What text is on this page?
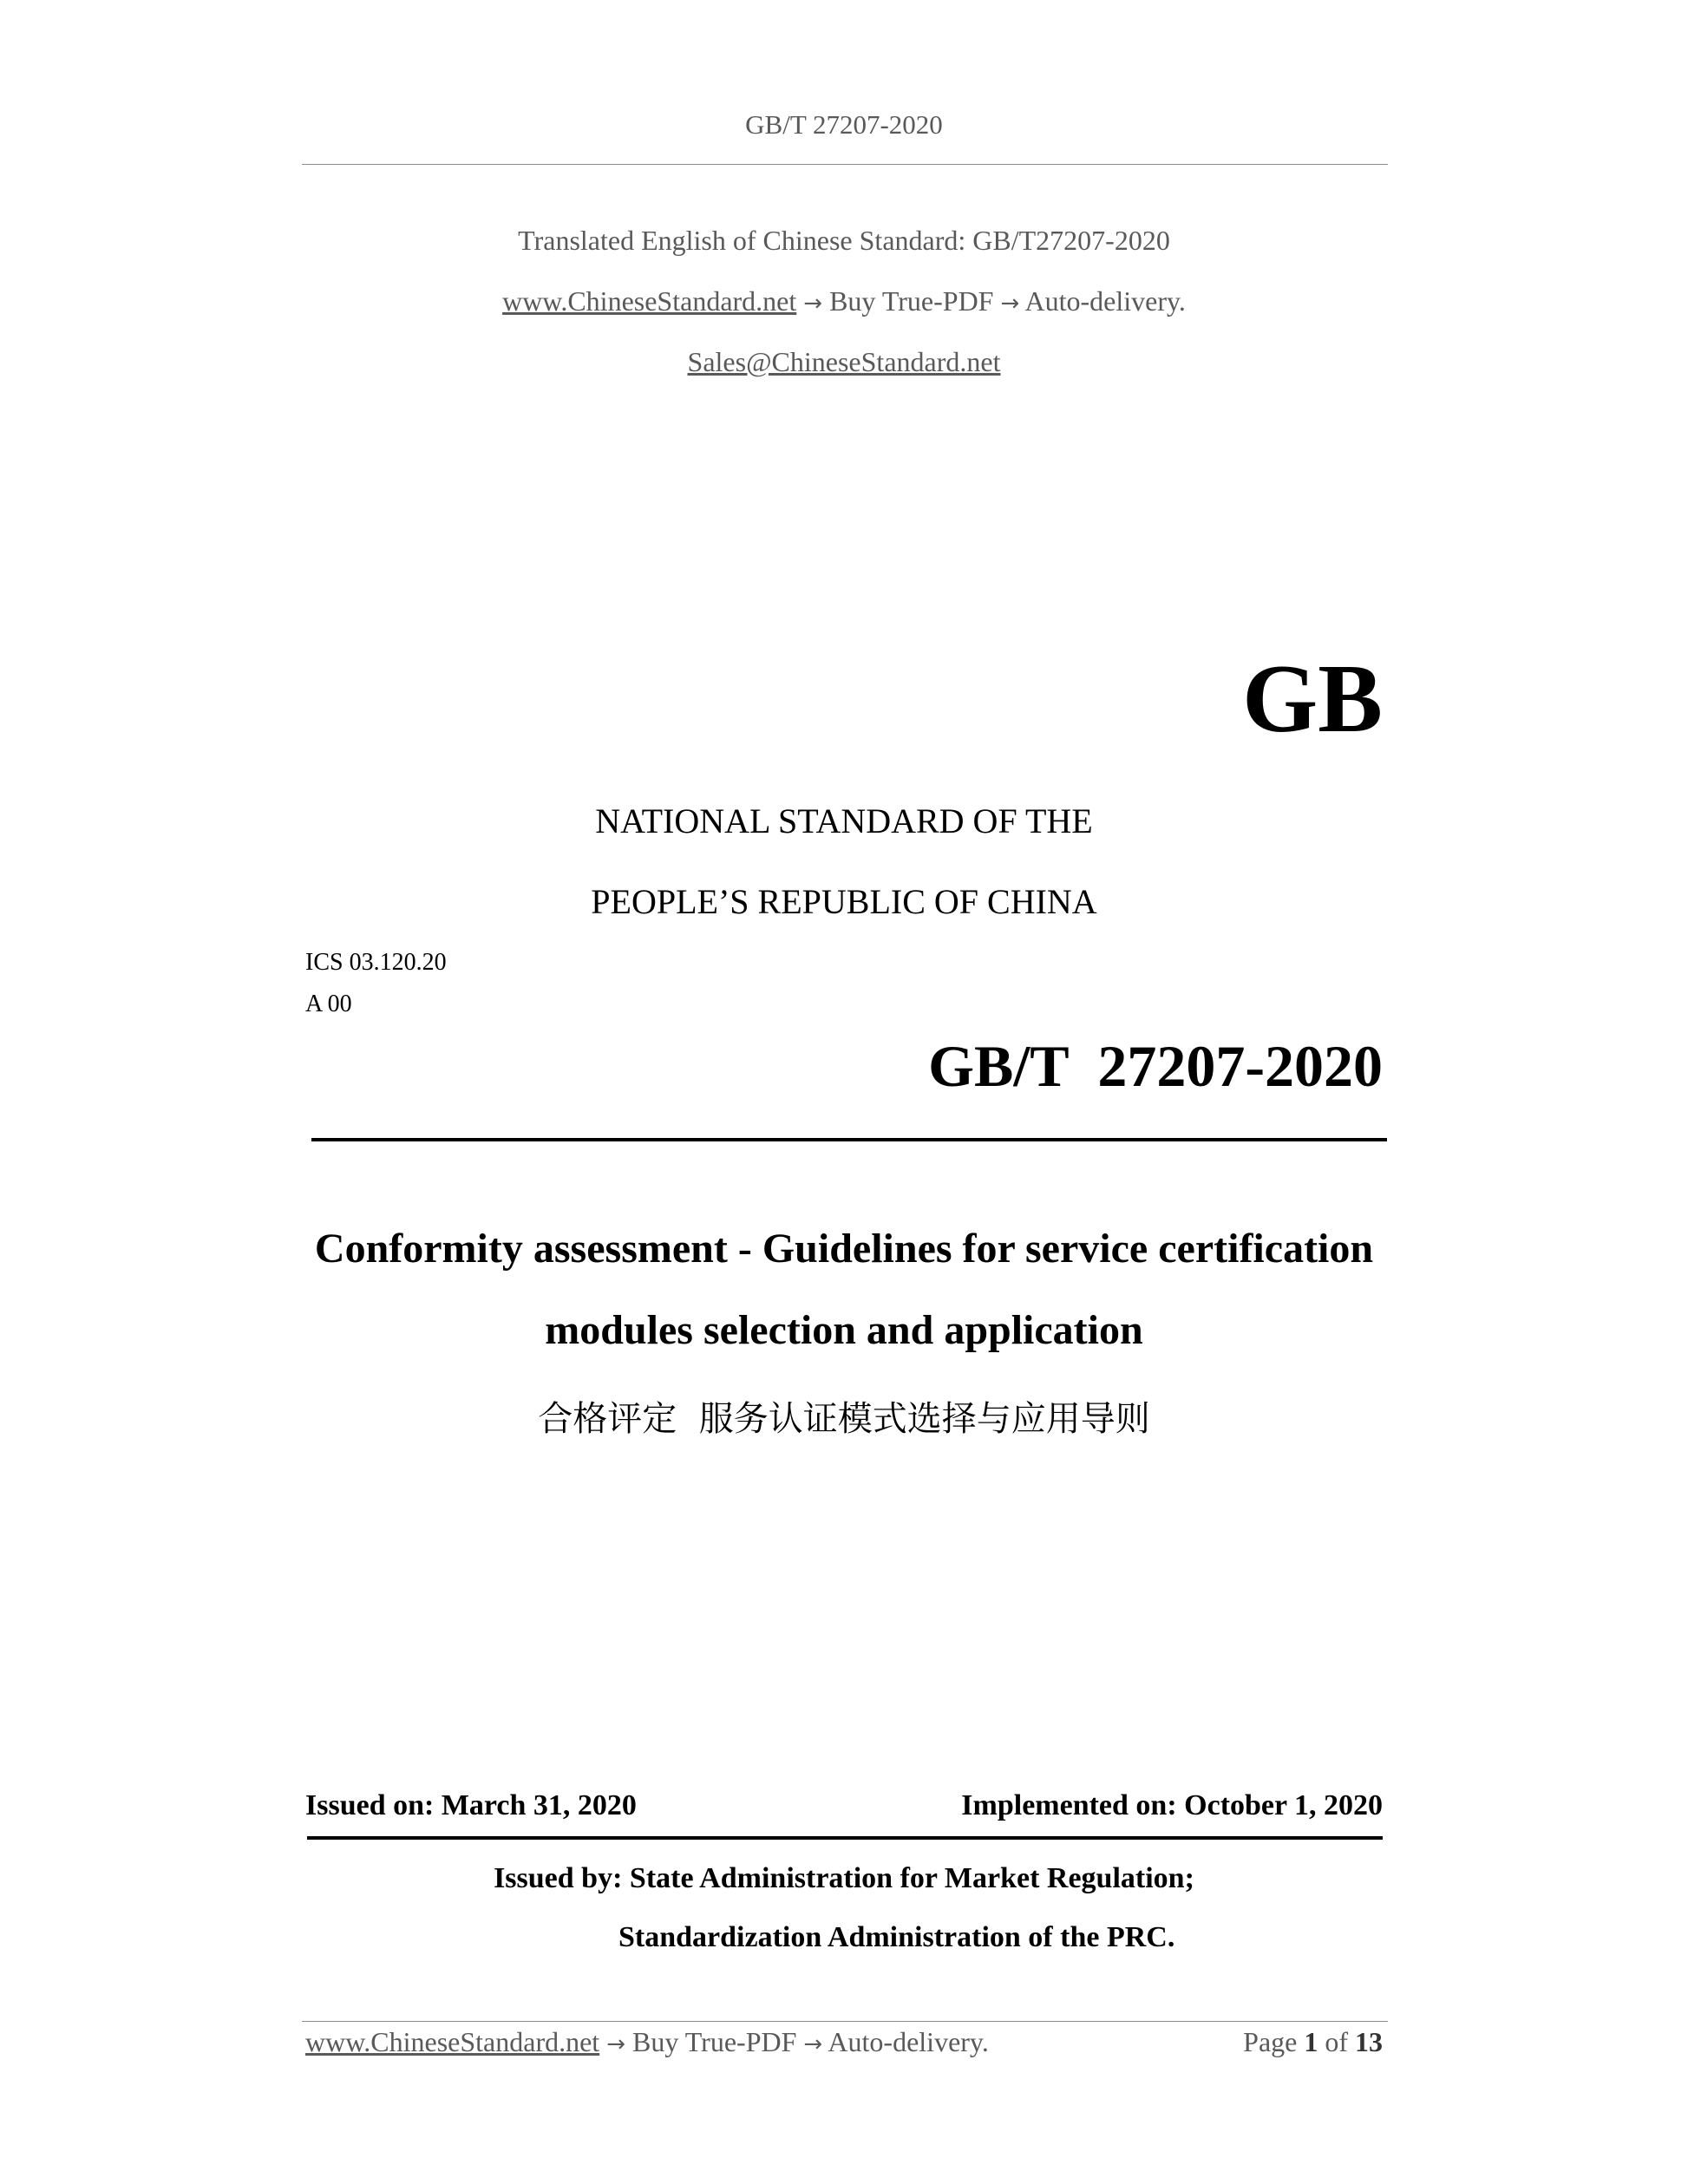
GB/T 27207-2020
Translated English of Chinese Standard: GB/T27207-2020
www.ChineseStandard.net → Buy True-PDF → Auto-delivery.
Sales@ChineseStandard.net
GB
NATIONAL STANDARD OF THE
PEOPLE’S REPUBLIC OF CHINA
ICS 03.120.20
A 00
GB/T  27207-2020
Conformity assessment - Guidelines for service certification
modules selection and application
合格评定  服务认证模式选择与应用导则
Issued on: March 31, 2020	Implemented on: October 1, 2020
Issued by: State Administration for Market Regulation;
Standardization Administration of the PRC.
www.ChineseStandard.net → Buy True-PDF → Auto-delivery.	Page 1 of 13
